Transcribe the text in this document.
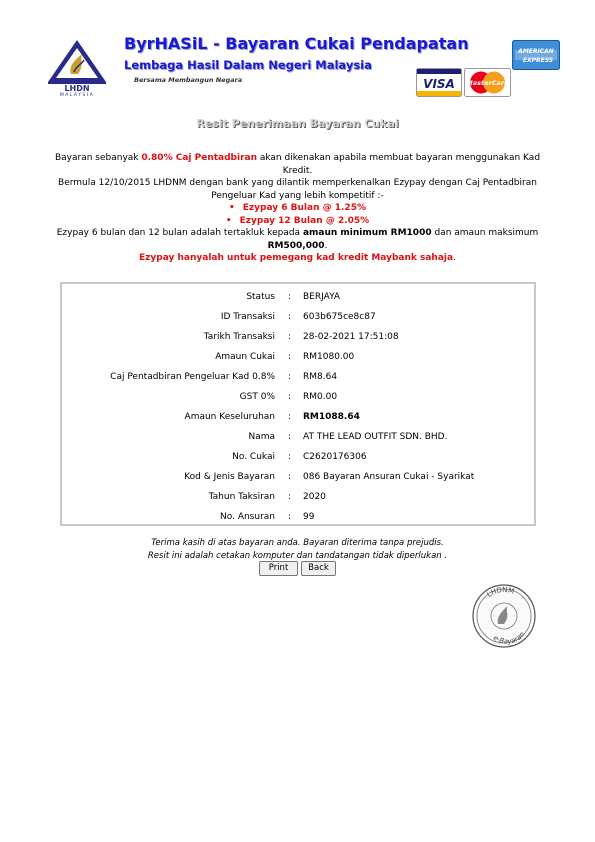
LHDN
MALAYSIA
ByrHASiL - Bayaran Cukai Pendapatan
Lembaga Hasil Dalam Negeri Malaysia
Bersama Membangun Negara
AMERICAN
EXPRESS
VISA MasterCard
Resit Penerimaan Bayaran Cukai
Bayaran sebanyak 0.80% Caj Pentadbiran akan dikenakan apabila membuat bayaran menggunakan Kad Kredit.
Bermula 12/10/2015 LHDNM dengan bank yang dilantik memperkenalkan Ezypay dengan Caj Pentadbiran Pengeluar Kad yang lebih kompetitif :-
• Ezypay 6 Bulan @ 1.25%
• Ezypay 12 Bulan @ 2.05%
Ezypay 6 bulan dan 12 bulan adalah tertakluk kepada amaun minimum RM1000 dan amaun maksimum RM500,000.
Ezypay hanyalah untuk pemegang kad kredit Maybank sahaja.
Status : BERJAYA
ID Transaksi : 603b675ce8c87
Tarikh Transaksi : 28-02-2021 17:51:08
Amaun Cukai : RM1080.00
Caj Pentadbiran Pengeluar Kad 0.8% : RM8.64
GST 0% : RM0.00
Amaun Keseluruhan : RM1088.64
Nama : AT THE LEAD OUTFIT SDN. BHD.
No. Cukai : C2620176306
Kod & Jenis Bayaran : 086 Bayaran Ansuran Cukai - Syarikat
Tahun Taksiran : 2020
No. Ansuran : 99
Terima kasih di atas bayaran anda. Bayaran diterima tanpa prejudis.
Resit ini adalah cetakan komputer dan tandatangan tidak diperlukan .
Print	Back
LHDNM
e-Bayaran
